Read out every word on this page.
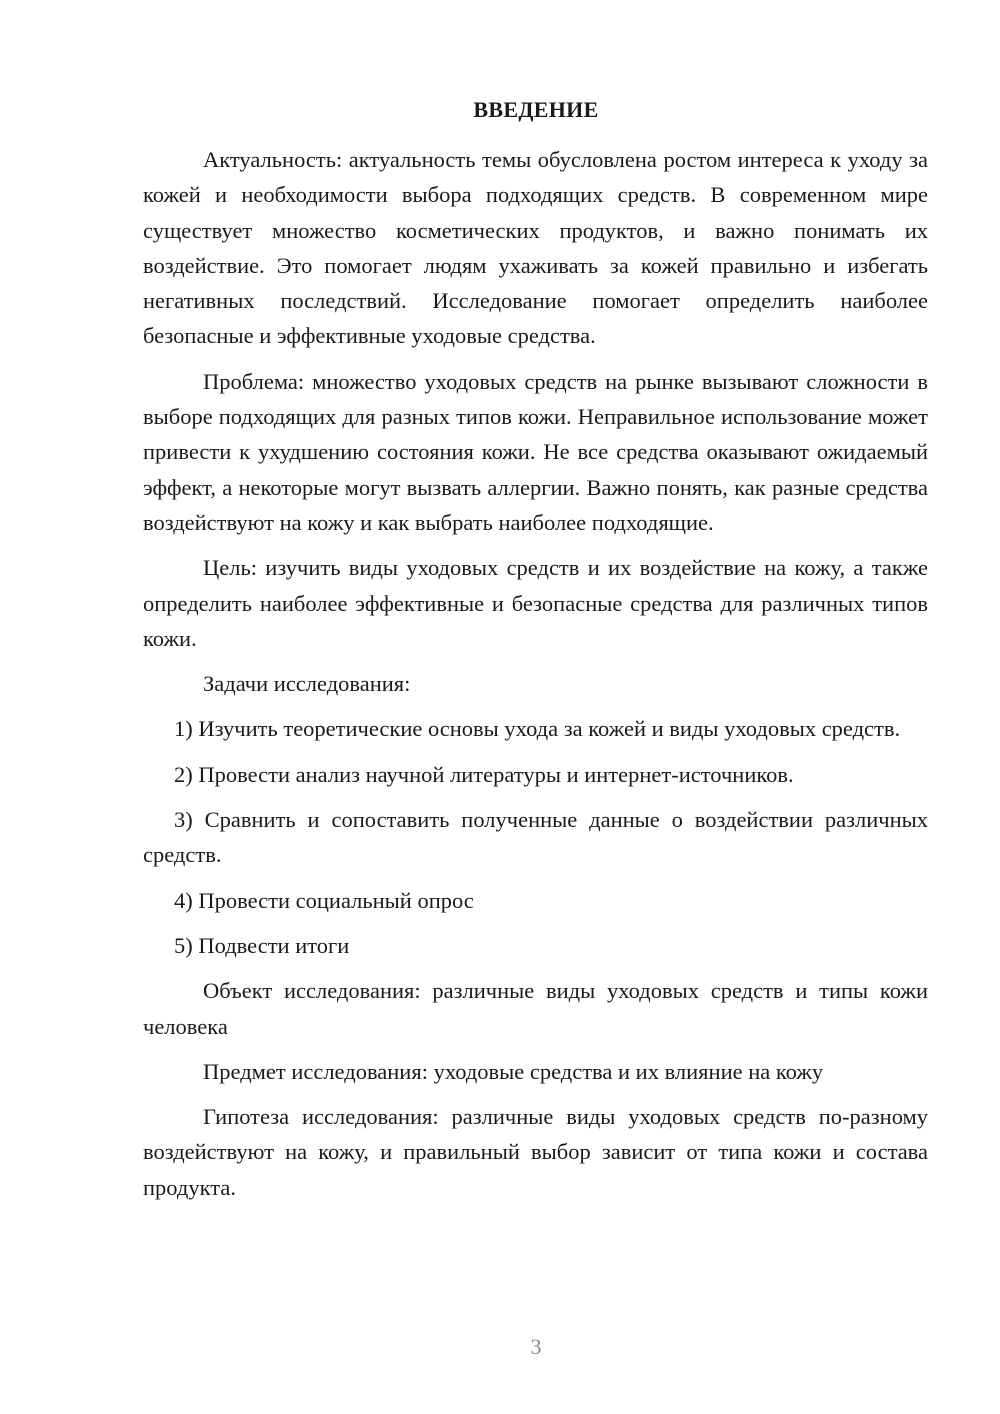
ВВЕДЕНИЕ

Актуальность: актуальность темы обусловлена ростом интереса к уходу за кожей и необходимости выбора подходящих средств. В современном мире существует множество косметических продуктов, и важно понимать их воздействие. Это помогает людям ухаживать за кожей правильно и избегать негативных последствий. Исследование помогает определить наиболее безопасные и эффективные уходовые средства.

Проблема: множество уходовых средств на рынке вызывают сложности в выборе подходящих для разных типов кожи. Неправильное использование может привести к ухудшению состояния кожи. Не все средства оказывают ожидаемый эффект, а некоторые могут вызвать аллергии. Важно понять, как разные средства воздействуют на кожу и как выбрать наиболее подходящие.

Цель: изучить виды уходовых средств и их воздействие на кожу, а также определить наиболее эффективные и безопасные средства для различных типов кожи.

Задачи исследования:

1) Изучить теоретические основы ухода за кожей и виды уходовых средств.

2) Провести анализ научной литературы и интернет-источников.

3) Сравнить и сопоставить полученные данные о воздействии различных средств.

4) Провести социальный опрос

5) Подвести итоги

Объект исследования: различные виды уходовых средств и типы кожи человека

Предмет исследования: уходовые средства и их влияние на кожу

Гипотеза исследования: различные виды уходовых средств по-разному воздействуют на кожу, и правильный выбор зависит от типа кожи и состава продукта.

3
